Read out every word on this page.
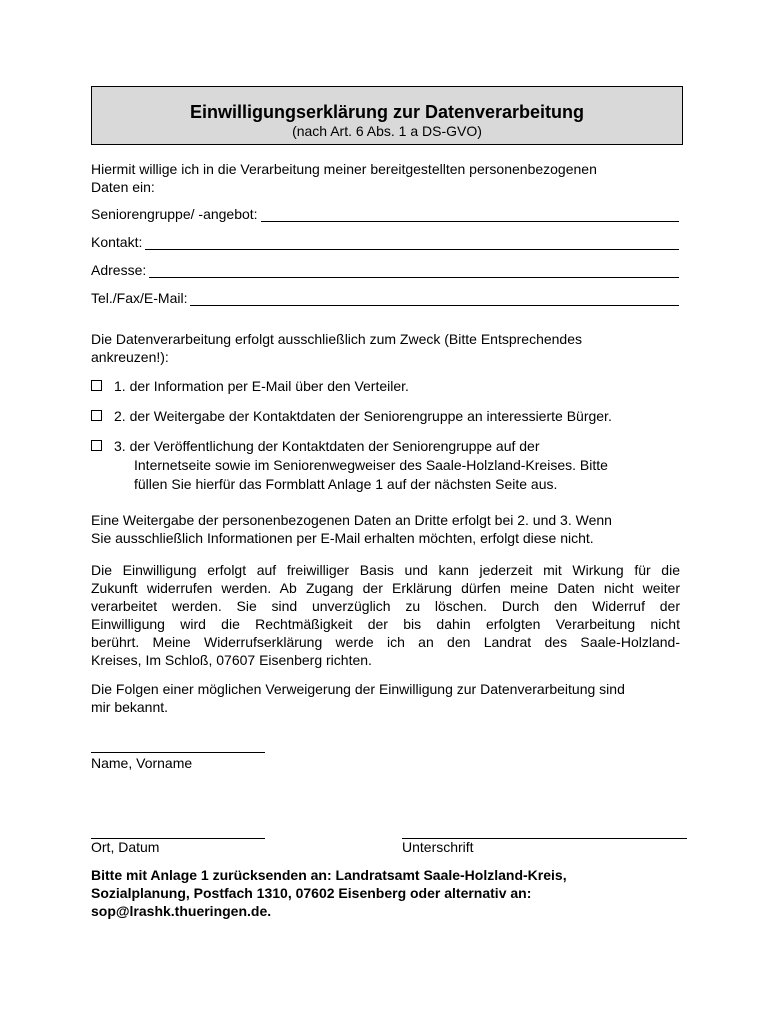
Einwilligungserklärung zur Datenverarbeitung
(nach Art. 6 Abs. 1 a DS-GVO)
Hiermit willige ich in die Verarbeitung meiner bereitgestellten personenbezogenen
Daten ein:
Seniorengruppe/ -angebot:
Kontakt:
Adresse:
Tel./Fax/E-Mail:
Die Datenverarbeitung erfolgt ausschließlich zum Zweck (Bitte Entsprechendes
ankreuzen!):
1. der Information per E-Mail über den Verteiler.
2. der Weitergabe der Kontaktdaten der Seniorengruppe an interessierte Bürger.
3. der Veröffentlichung der Kontaktdaten der Seniorengruppe auf der
Internetseite sowie im Seniorenwegweiser des Saale-Holzland-Kreises. Bitte
füllen Sie hierfür das Formblatt Anlage 1 auf der nächsten Seite aus.
Eine Weitergabe der personenbezogenen Daten an Dritte erfolgt bei 2. und 3. Wenn
Sie ausschließlich Informationen per E-Mail erhalten möchten, erfolgt diese nicht.
Die Einwilligung erfolgt auf freiwilliger Basis und kann jederzeit mit Wirkung für die
Zukunft widerrufen werden. Ab Zugang der Erklärung dürfen meine Daten nicht weiter
verarbeitet werden. Sie sind unverzüglich zu löschen. Durch den Widerruf der
Einwilligung wird die Rechtmäßigkeit der bis dahin erfolgten Verarbeitung nicht
berührt. Meine Widerrufserklärung werde ich an den Landrat des Saale-Holzland-
Kreises, Im Schloß, 07607 Eisenberg richten.
Die Folgen einer möglichen Verweigerung der Einwilligung zur Datenverarbeitung sind
mir bekannt.
Name, Vorname
Ort, Datum	Unterschrift
Bitte mit Anlage 1 zurücksenden an: Landratsamt Saale-Holzland-Kreis,
Sozialplanung, Postfach 1310, 07602 Eisenberg oder alternativ an:
sop@lrashk.thueringen.de.
